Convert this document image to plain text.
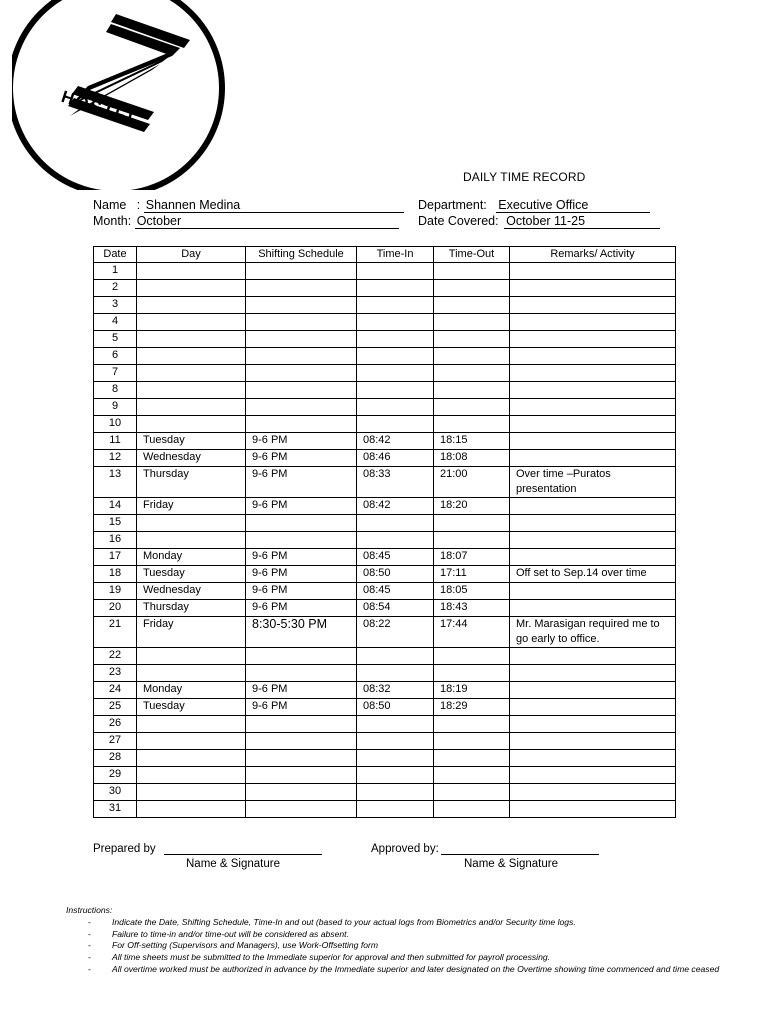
HOSTEL
DAILY TIME RECORD
Name   : Shannen Medina
Month: October
Department: Executive Office
Date Covered: October 11-25
Date	Day	Shifting Schedule	Time-In	Time-Out	Remarks/ Activity
1					
2					
3					
4					
5					
6					
7					
8					
9					
10					
11	Tuesday	9-6 PM	08:42	18:15	
12	Wednesday	9-6 PM	08:46	18:08	
13	Thursday	9-6 PM	08:33	21:00	Over time –Puratos presentation
14	Friday	9-6 PM	08:42	18:20	
15					
16					
17	Monday	9-6 PM	08:45	18:07	
18	Tuesday	9-6 PM	08:50	17:11	Off set to Sep.14 over time
19	Wednesday	9-6 PM	08:45	18:05	
20	Thursday	9-6 PM	08:54	18:43	
21	Friday	8:30-5:30 PM	08:22	17:44	Mr. Marasigan required me to go early to office.
22					
23					
24	Monday	9-6 PM	08:32	18:19	
25	Tuesday	9-6 PM	08:50	18:29	
26					
27					
28					
29					
30					
31					
Prepared by
Name & Signature
Approved by:
Name & Signature
Instructions:
- Indicate the Date, Shifting Schedule, Time-In and out (based to your actual logs from Biometrics and/or Security time logs.
- Failure to time-in and/or time-out will be considered as absent.
- For Off-setting (Supervisors and Managers), use Work-Offsetting form
- All time sheets must be submitted to the Immediate superior for approval and then submitted for payroll processing.
- All overtime worked must be authorized in advance by the Immediate superior and later designated on the Overtime showing time commenced and time ceased
